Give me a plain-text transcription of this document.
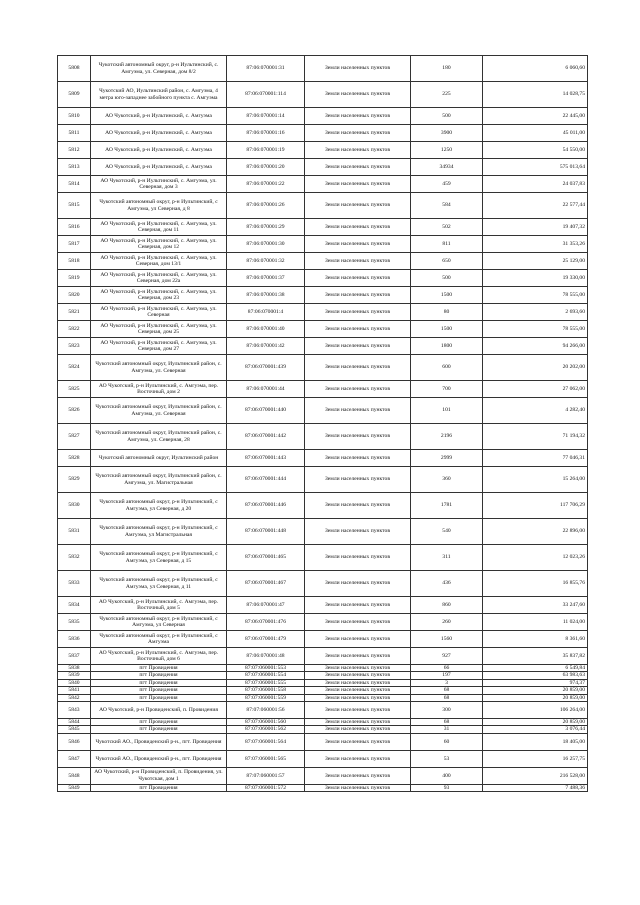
5808	Чукотский автономный округ, р-н Иультинский, с. Амгуэма, ул. Северная, дом 8/2	87:06:070001:31	Земли населенных пунктов	180	6 060,60
5809	Чукотский АО, Иультинский район, с. Амгуэма, 4 метра юго-западнее забойного пункта с. Амгуэма	87:06:070001:114	Земли населенных пунктов	225	14 028,75
5810	АО Чукотский, р-н Иультинский, с. Амгуэма	87:06:070001:14	Земли населенных пунктов	500	22 445,00
5811	АО Чукотский, р-н Иультинский, с. Амгуэма	87:06:070001:16	Земли населенных пунктов	3900	45 011,00
5812	АО Чукотский, р-н Иультинский, с. Амгуэма	87:06:070001:19	Земли населенных пунктов	1250	54 550,00
5813	АО Чукотский, р-н Иультинский, с. Амгуэма	87:06:070001:20	Земли населенных пунктов	34934	575 013,64
5814	АО Чукотский, р-н Иультинский, с. Амгуэма, ул. Северная, дом 3	87:06:070001:22	Земли населенных пунктов	459	24 037,83
5815	Чукотский автономный округ, р-н Иультинский, с Амгуэма, ул Северная, д 8	87:06:070001:26	Земли населенных пунктов	584	22 577,44
5816	АО Чукотский, р-н Иультинский, с. Амгуэма, ул. Северная, дом 11	87:06:070001:29	Земли населенных пунктов	502	19 407,32
5817	АО Чукотский, р-н Иультинский, с. Амгуэма, ул. Северная, дом 12	87:06:070001:30	Земли населенных пунктов	811	31 353,26
5818	АО Чукотский, р-н Иультинский, с. Амгуэма, ул. Северная, дом 13/1	87:06:070001:32	Земли населенных пунктов	650	25 129,00
5819	АО Чукотский, р-н Иультинский, с. Амгуэма, ул. Северная, дом 22а	87:06:070001:37	Земли населенных пунктов	500	19 330,00
5820	АО Чукотский, р-н Иультинский, с. Амгуэма, ул. Северная, дом 23	87:06:070001:38	Земли населенных пунктов	1500	78 555,00
5821	АО Чукотский, р-н Иультинский, с. Амгуэма, ул. Северная	87:06:070001:4	Земли населенных пунктов	80	2 693,60
5822	АО Чукотский, р-н Иультинский, с. Амгуэма, ул. Северная, дом 25	87:06:070001:40	Земли населенных пунктов	1500	78 555,00
5823	АО Чукотский, р-н Иультинский, с. Амгуэма, ул. Северная, дом 27	87:06:070001:42	Земли населенных пунктов	1800	94 266,00
5824	Чукотский автономный округ, Иультинский район, с. Амгуэма, ул. Северная	87:06:070001:439	Земли населенных пунктов	600	20 202,00
5825	АО Чукотский, р-н Иультинский, с. Амгуэма, пер. Восточный, дом 2	87:06:070001:44	Земли населенных пунктов	700	27 062,00
5826	Чукотский автономный округ, Иультинский район, с. Амгуэма, ул. Северная	87:06:070001:440	Земли населенных пунктов	101	4 282,40
5827	Чукотский автономный округ, Иультинский район, с. Амгуэма, ул. Северная, 28	87:06:070001:442	Земли населенных пунктов	2196	71 194,32
5828	Чукотский автономный округ, Иультинский район	87:06:070001:443	Земли населенных пунктов	2999	77 046,31
5829	Чукотский автономный округ, Иультинский район, с. Амгуэма, ул. Магистральная	87:06:070001:444	Земли населенных пунктов	360	15 264,00
5830	Чукотский автономный округ, р-н Иультинский, с Амгуэма, ул Северная, д 20	87:06:070001:446	Земли населенных пунктов	1781	117 706,29
5831	Чукотский автономный округ, р-н Иультинский, с Амгуэма, ул Магистральная	87:06:070001:448	Земли населенных пунктов	540	22 896,00
5832	Чукотский автономный округ, р-н Иультинский, с Амгуэма, ул Северная, д 15	87:06:070001:465	Земли населенных пунктов	311	12 023,26
5833	Чукотский автономный округ, р-н Иультинский, с Амгуэма, ул Северная, д 11	87:06:070001:467	Земли населенных пунктов	436	16 855,76
5834	АО Чукотский, р-н Иультинский, с. Амгуэма, пер. Восточный, дом 5	87:06:070001:47	Земли населенных пунктов	860	33 247,60
5835	Чукотский автономный округ, р-н Иультинский, с Амгуэма, ул Северная	87:06:070001:476	Земли населенных пунктов	260	11 024,00
5836	Чукотский автономный округ, р-н Иультинский, с Амгуэма	87:06:070001:479	Земли населенных пунктов	1560	8 361,60
5837	АО Чукотский, р-н Иультинский, с. Амгуэма, пер. Восточный, дом 6	87:06:070001:48	Земли населенных пунктов	927	35 837,82
5838	пгт Провидения	87:07:060001:553	Земли населенных пунктов	66	6 549,84
5839	пгт Провидения	87:07:060001:554	Земли населенных пунктов	197	63 983,63
5840	пгт Провидения	87:07:060001:555	Земли населенных пунктов	3	974,37
5841	пгт Провидения	87:07:060001:558	Земли населенных пунктов	68	20 859,00
5842	пгт Провидения	87:07:060001:559	Земли населенных пунктов	68	20 859,00
5843	АО Чукотский, р-н Провиденский, п. Провидения	87:07:060001:56	Земли населенных пунктов	300	106 264,00
5844	пгт Провидения	87:07:060001:560	Земли населенных пунктов	68	20 859,00
5845	пгт Провидения	87:07:060001:562	Земли населенных пунктов	31	3 076,44
5846	Чукотский АО., Провиденский р-н., пгт. Провидения	87:07:060001:564	Земли населенных пунктов	60	18 405,00
5847	Чукотский АО., Провиденский р-н., пгт. Провидения	87:07:060001:565	Земли населенных пунктов	53	16 257,75
5848	АО Чукотский, р-н Провиденский, п. Провидения, ул. Чукотская, дом 1	87:07:060001:57	Земли населенных пунктов	400	216 528,00
5849	пгт Провидения	87:07:060001:572	Земли населенных пунктов	93	7 488,36
